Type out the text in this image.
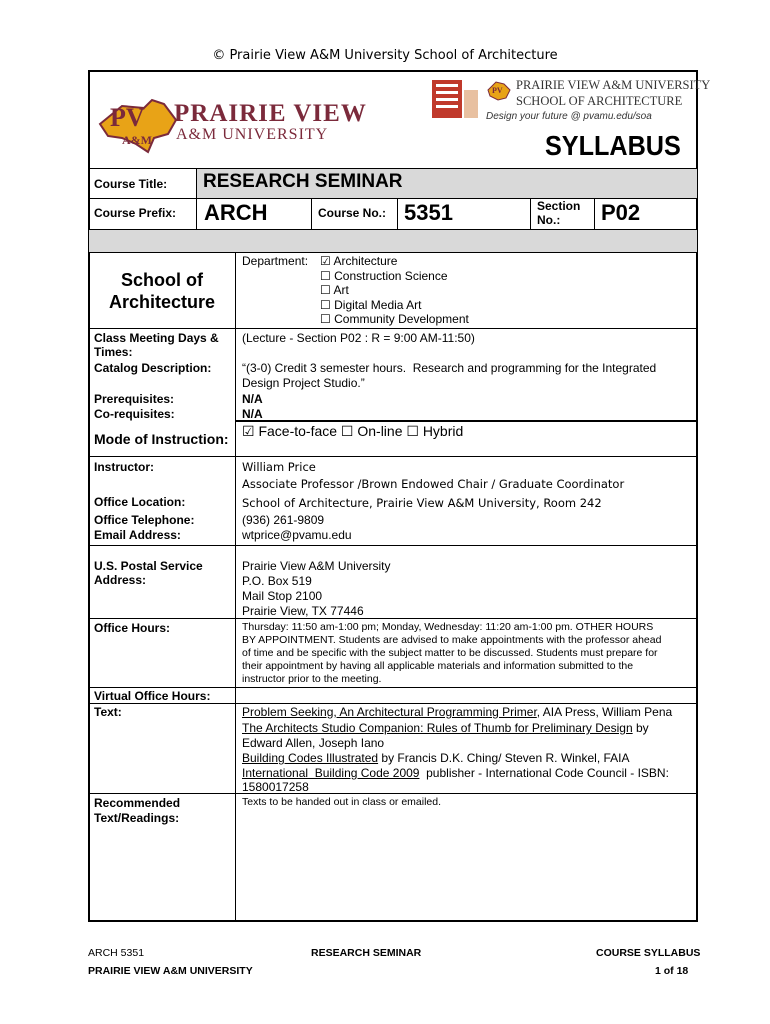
© Prairie View A&M University School of Architecture
PV
A&M
PRAIRIE VIEW
A&M UNIVERSITY
PV PRAIRIE VIEW A&M UNIVERSITY
SCHOOL OF ARCHITECTURE
Design your future @ pvamu.edu/soa
SYLLABUS
Course Title: RESEARCH SEMINAR
Course Prefix: ARCH	Course No.: 5351	Section
No.: P02
School of
Architecture
Department: ☑ Architecture
☐ Construction Science
☐ Art
☐ Digital Media Art
☐ Community Development
Class Meeting Days &
Times:
(Lecture - Section P02 : R = 9:00 AM-11:50)
Catalog Description:	“(3-0) Credit 3 semester hours.  Research and programming for the Integrated
Design Project Studio.”
Prerequisites:	N/A
Co-requisites:	N/A
Mode of Instruction: ☑ Face-to-face ☐ On-line ☐ Hybrid
Instructor:	William Price
Associate Professor /Brown Endowed Chair / Graduate Coordinator
Office Location:	School of Architecture, Prairie View A&M University, Room 242
Office Telephone:	(936) 261-9809
Email Address:	wtprice@pvamu.edu
U.S. Postal Service
Address:
Prairie View A&M University
P.O. Box 519
Mail Stop 2100
Prairie View, TX 77446
Office Hours:	Thursday: 11:50 am-1:00 pm; Monday, Wednesday: 11:20 am-1:00 pm. OTHER HOURS
BY APPOINTMENT. Students are advised to make appointments with the professor ahead
of time and be specific with the subject matter to be discussed. Students must prepare for
their appointment by having all applicable materials and information submitted to the
instructor prior to the meeting.
Virtual Office Hours:
Text:	Problem Seeking, An Architectural Programming Primer, AIA Press, William Pena
The Architects Studio Companion: Rules of Thumb for Preliminary Design by
Edward Allen, Joseph Iano
Building Codes Illustrated by Francis D.K. Ching/ Steven R. Winkel, FAIA
International  Building Code 2009  publisher - International Code Council - ISBN:
1580017258
Recommended
Text/Readings:
Texts to be handed out in class or emailed.
ARCH 5351
PRAIRIE VIEW A&M UNIVERSITY
RESEARCH SEMINAR	COURSE SYLLABUS
1 of 18
